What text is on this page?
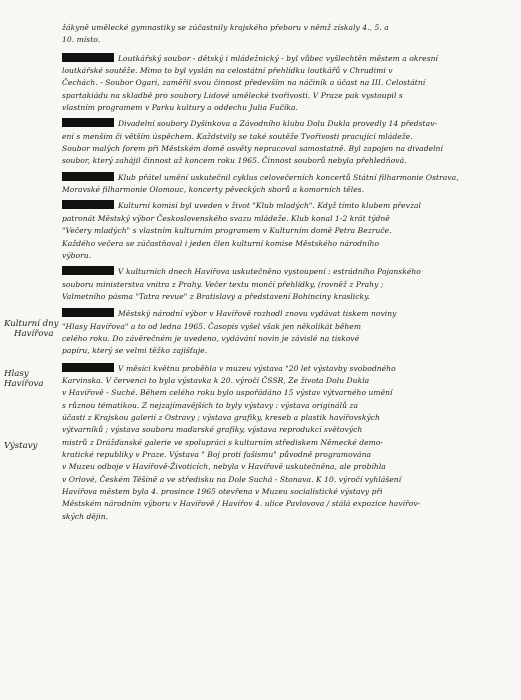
Kulturní dny
Havířova
Hlasy Havířova
Výstavy
žákyně umělecké gymnastiky se zúčastnily krajského přeboru v němž získaly 4., 5. a
10. místo.
Loutkářský soubor - dětský i mládežnický - byl vůbec vyšlechtěn městem a okresní
loutkářské soutěže. Mimo to byl vyslán na celostátní přehlídku loutkářů v Chrudimi v
Čechách. - Soubor Ogari, zaměřil svou činnost především na náčiník a účast na III. Celostátní
spartakiádu na skladbě pro soubory Lidové umělecké tvořivosti. V Praze pak vystoupil s
vlastním programem v Parku kultury a oddechu Julia Fučíka.
Divadelní soubory Dyšinkova a Závodního klubu Dolu Dukla provedly 14 představ-
ení s menším či větším úspěchem. Každstvily se také soutěže Tvořivosti pracující mládeže.
Soubor malých forem při Městském domě osvěty nepracoval samostatně. Byl zapojen na divadelní
soubor, který zahájil činnost až koncem roku 1965. Činnost souborů nebyla přehledňová.
Klub přátel umění uskutečnil cyklus celovečerních koncertů Státní filharmonie Ostrava,
Moravské filharmonie Olomouc, koncerty pěveckých sborů a komorních těles.
Kulturní komisí byl uveden v život "Klub mladých". Když tímto klubem převzal
patronát Městský výbor Československého svazu mládeže. Klub konal 1-2 krát týdně
"Večery mladých" s vlastním kulturním programem v Kulturním domě Petra Bezruče.
Každého večera se zúčastňoval i jeden člen kulturní komise Městského národního
výboru.
V kulturních dnech Havířova uskutečněno vystoupení : estrádního Pojanského
souboru ministerstva vnitra z Prahy. Večer textu mončí přehlídky, (rovněž z Prahy ;
Valmetního pásma "Tatra revue" z Bratislavy a představení Bohinciny kraslicky.
Městský národní výbor v Havířově rozhodl znovu vydávat tiskem noviny
"Hlasy Havířova" a to od ledna 1965. Časopis vyšel však jen několikát během
celého roku. Do závěrečném je uvedeno, vydávání novin je závislé na tiskové
papíru, který se velmi těžko zajišťuje.
V měsíci květnu proběhla v muzeu výstava "20 let výstavby svobodného
Karvinska. V červenci to byla výstavka k 20. výročí ČSSR, Ze života Dolu Dukla
v Havířově - Suché. Během celého roku bylo uspořádáno 15 výstav výtvarného umění
s různou tématikou. Z nejzajímavějších to byly výstavy : výstava originálů za
účasti z Krajskou galerií z Ostravy ; výstava grafiky, kreseb a plastik havířovských
výtvarníků ; výstava souboru maďarské grafiky, výstava reprodukcí světových
mistrů z Drážďanské galerie ve spolupráci s kulturním střediskem Německé demo-
kratické republiky v Praze. Výstava " Boj proti fašismu" původně programována
v Muzeu odboje v Havířově-Životicích, nebyla v Havířově uskutečněna, ale probíhla
v Orlové, Českém Těšíně a ve středisku na Dole Suchá - Stonava. K 10. výročí vyhlášení
Havířova městem byla 4. prosince 1965 otevřena v Muzeu socialistické výstavy při
Městském národním výboru v Havířově / Havířov 4. ulice Pavlovova / stálá expozice havířov-
ských dějin.
